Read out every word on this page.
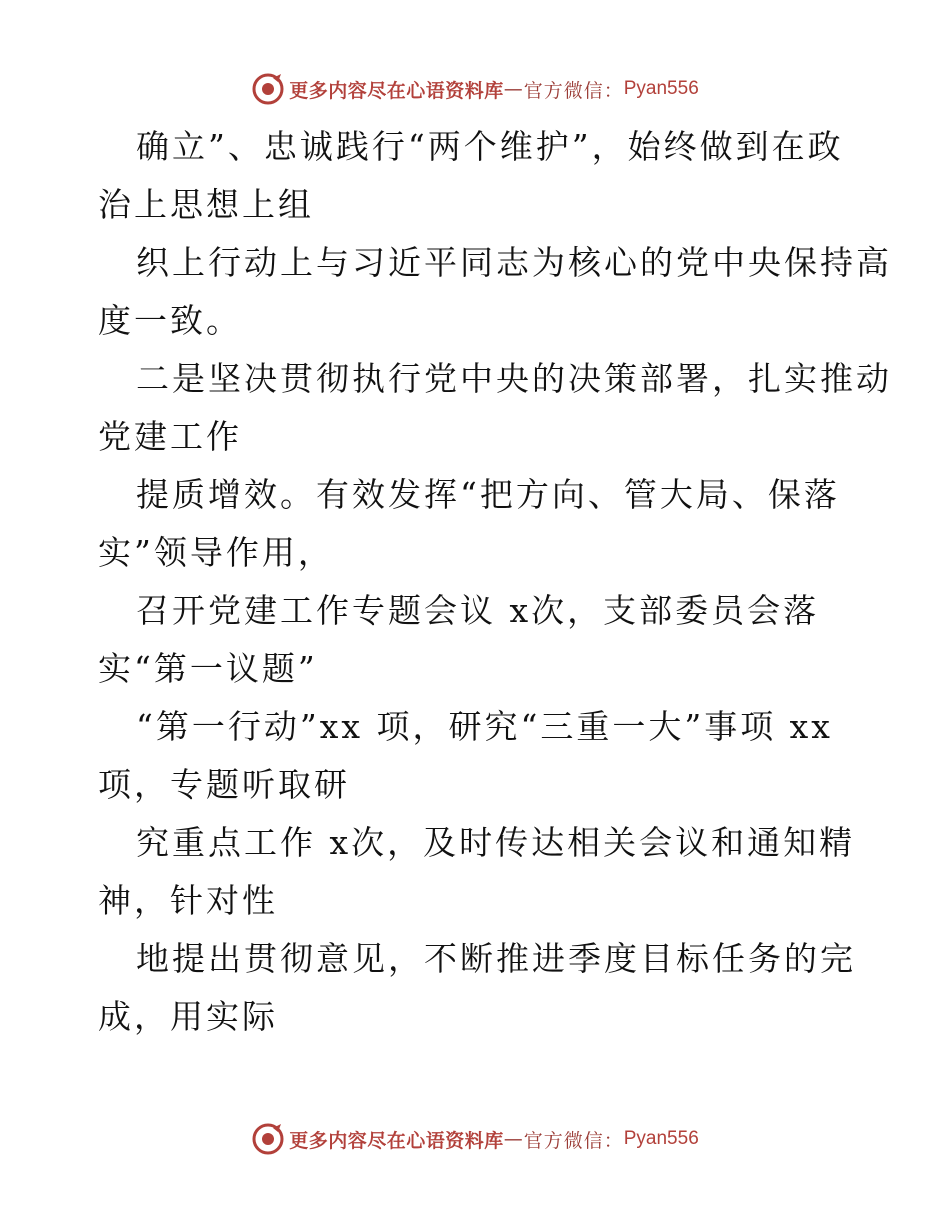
更多内容尽在心语资料库 — 官方微信： Pyan556
确立”、忠诚践行“两个维护”，始终做到在政
治上思想上组
织上行动上与习近平同志为核心的党中央保持高
度一致。
二是坚决贯彻执行党中央的决策部署，扎实推动
党建工作
提质增效。有效发挥“把方向、管大局、保落
实”领导作用，
召开党建工作专题会议 x次，支部委员会落
实“第一议题”
“第一行动”xx 项，研究“三重一大”事项 xx
项，专题听取研
究重点工作 x次，及时传达相关会议和通知精
神，针对性
地提出贯彻意见，不断推进季度目标任务的完
成，用实际
更多内容尽在心语资料库 — 官方微信： Pyan556
